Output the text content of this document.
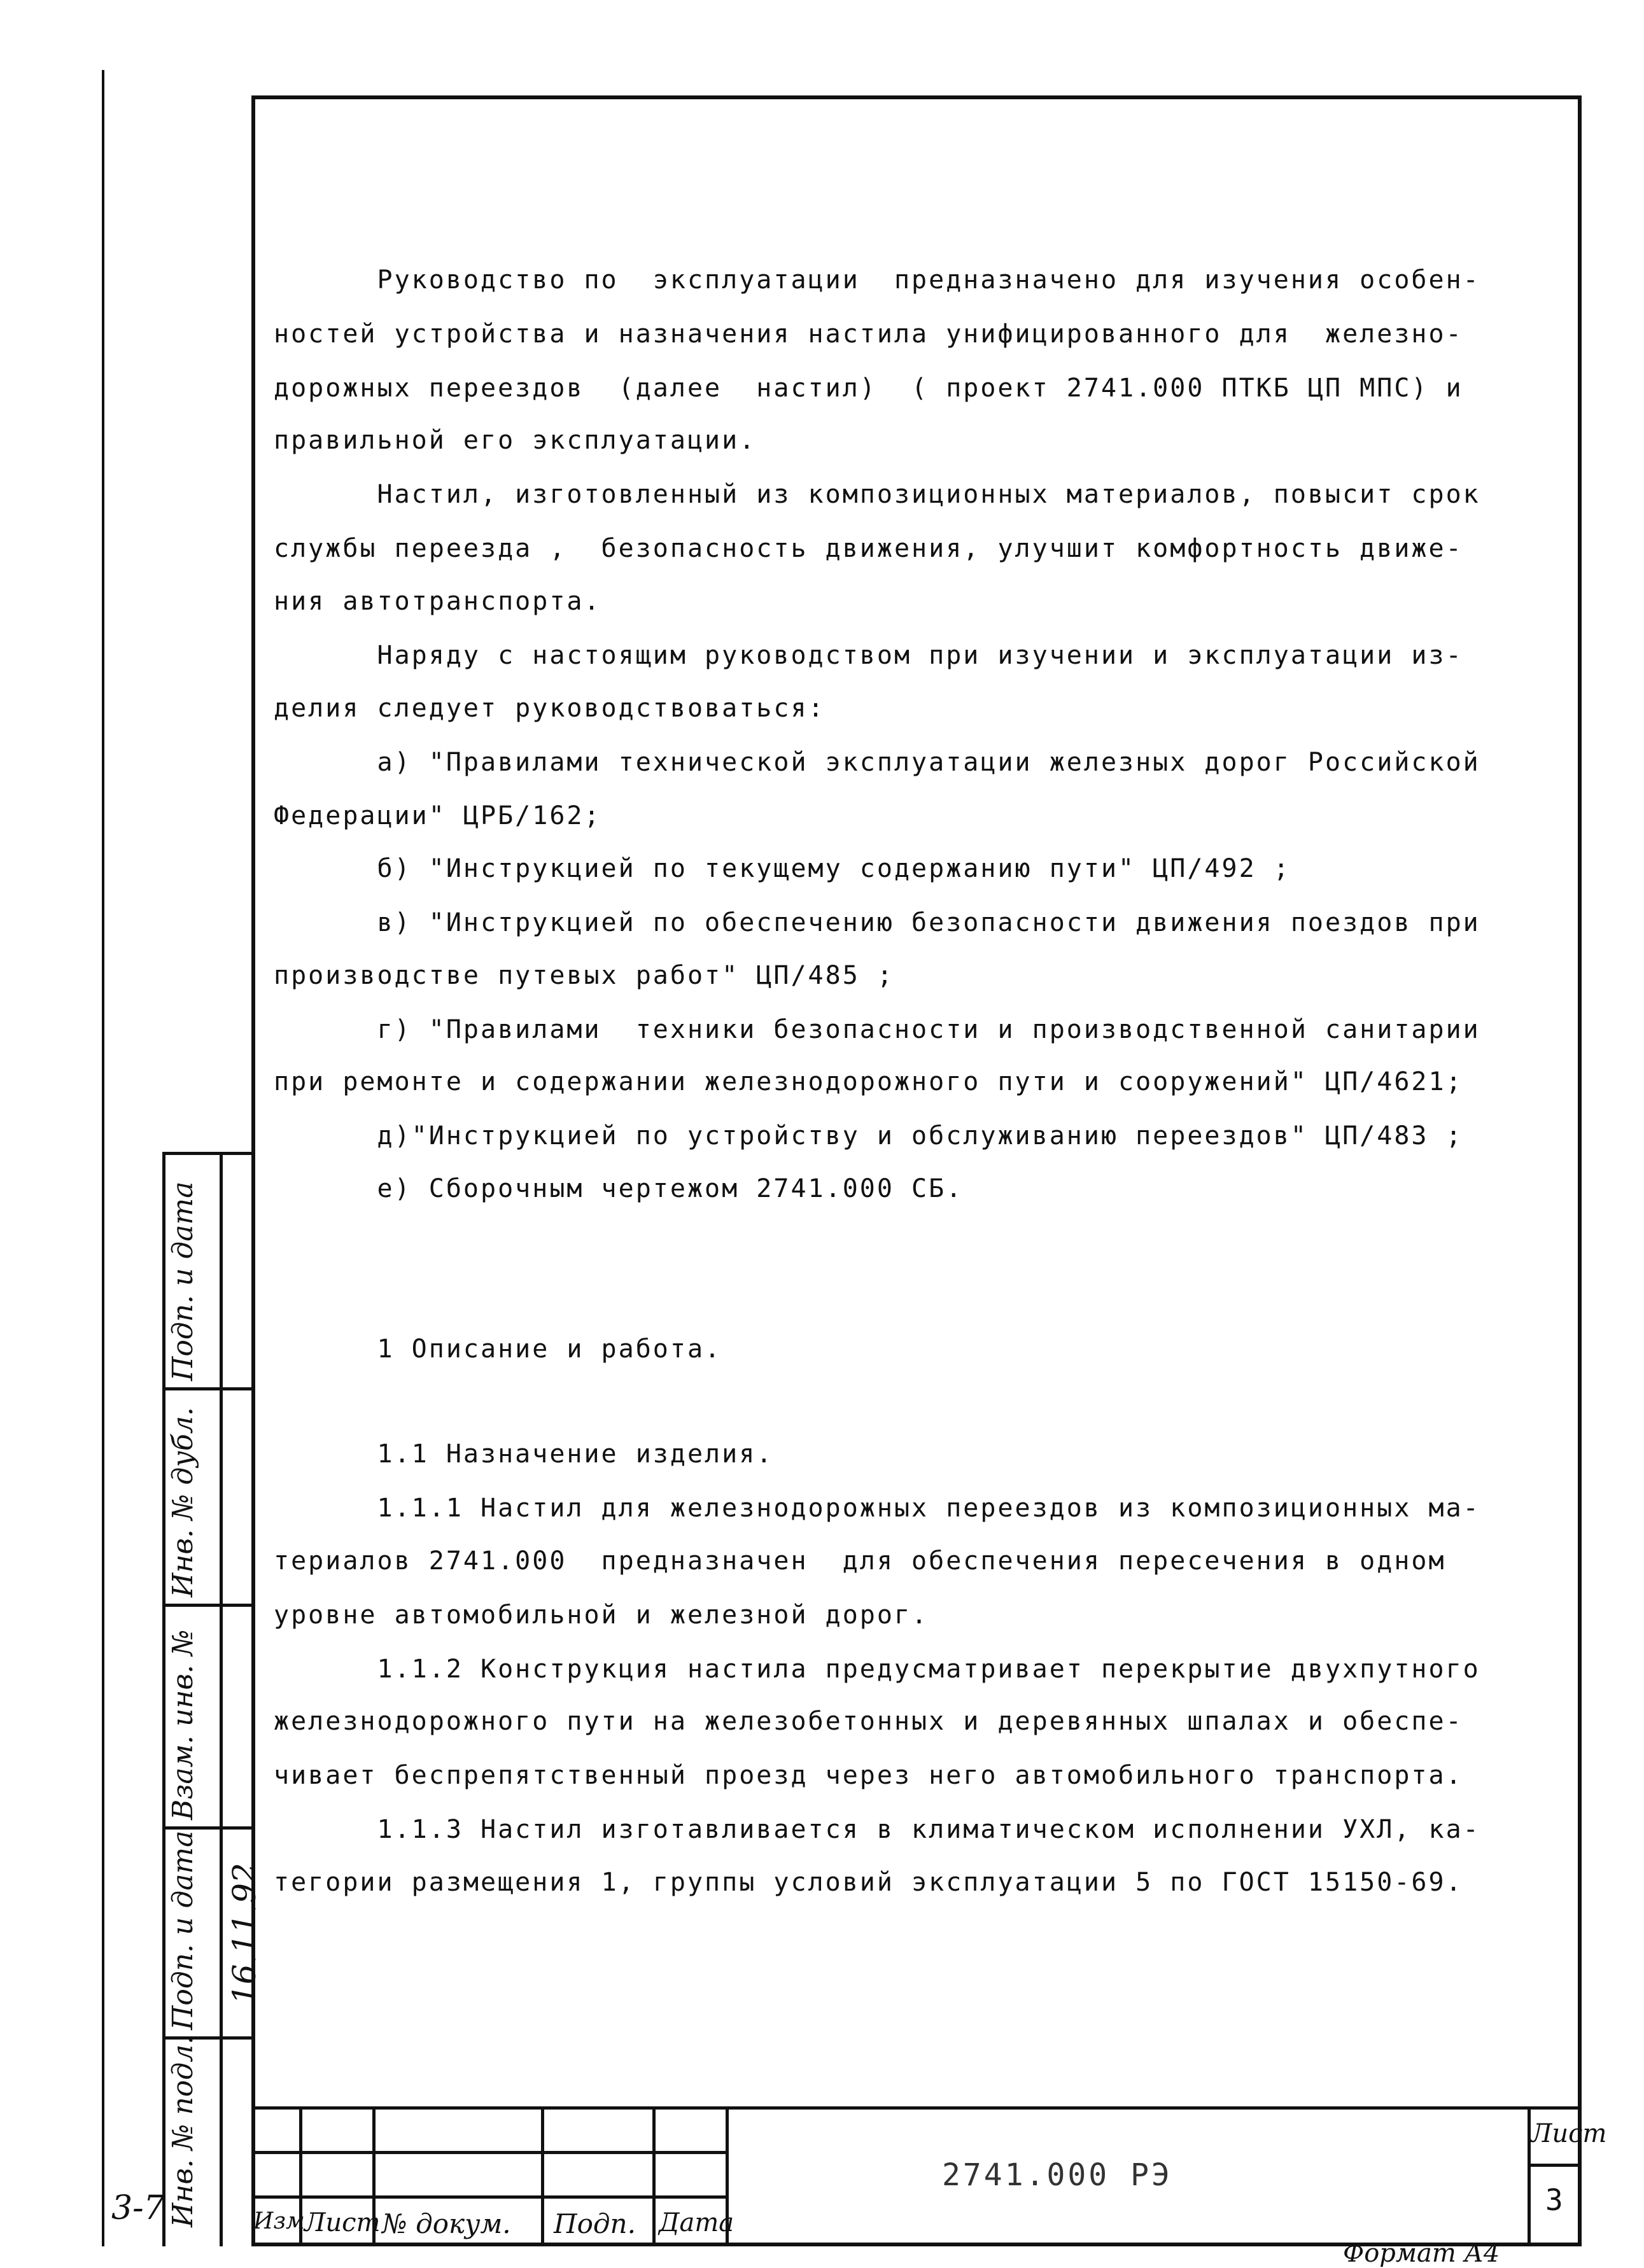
Руководство по  эксплуатации  предназначено для изучения особен-
ностей устройства и назначения настила унифицированного для  железно-
дорожных переездов  (далее  настил)  ( проект 2741.000 ПТКБ ЦП МПС) и
правильной его эксплуатации.
Настил, изготовленный из композиционных материалов, повысит срок
службы переезда ,  безопасность движения, улучшит комфортность движе-
ния автотранспорта.
Наряду с настоящим руководством при изучении и эксплуатации из-
делия следует руководствоваться:
а) "Правилами технической эксплуатации железных дорог Российской
Федерации" ЦРБ/162;
б) "Инструкцией по текущему содержанию пути" ЦП/492 ;
в) "Инструкцией по обеспечению безопасности движения поездов при
производстве путевых работ" ЦП/485 ;
г) "Правилами  техники безопасности и производственной санитарии
при ремонте и содержании железнодорожного пути и сооружений" ЦП/4621;
д)"Инструкцией по устройству и обслуживанию переездов" ЦП/483 ;
е) Сборочным чертежом 2741.000 СБ.
1 Описание и работа.
1.1 Назначение изделия.
1.1.1 Настил для железнодорожных переездов из композиционных ма-
териалов 2741.000  предназначен  для обеспечения пересечения в одном
уровне автомобильной и железной дорог.
1.1.2 Конструкция настила предусматривает перекрытие двухпутного
железнодорожного пути на железобетонных и деревянных шпалах и обеспе-
чивает беспрепятственный проезд через него автомобильного транспорта.
1.1.3 Настил изготавливается в климатическом исполнении УХЛ, ка-
тегории размещения 1, группы условий эксплуатации 5 по ГОСТ 15150-69.
Инв. № подл.
Подп. и дата
Взам. инв. №
Инв. № дубл.
Подп. и дата
16.11.92
3-7	Изм Лист № докум. Подп. Дата
2741.000 РЭ
Лист
3
Формат А4
